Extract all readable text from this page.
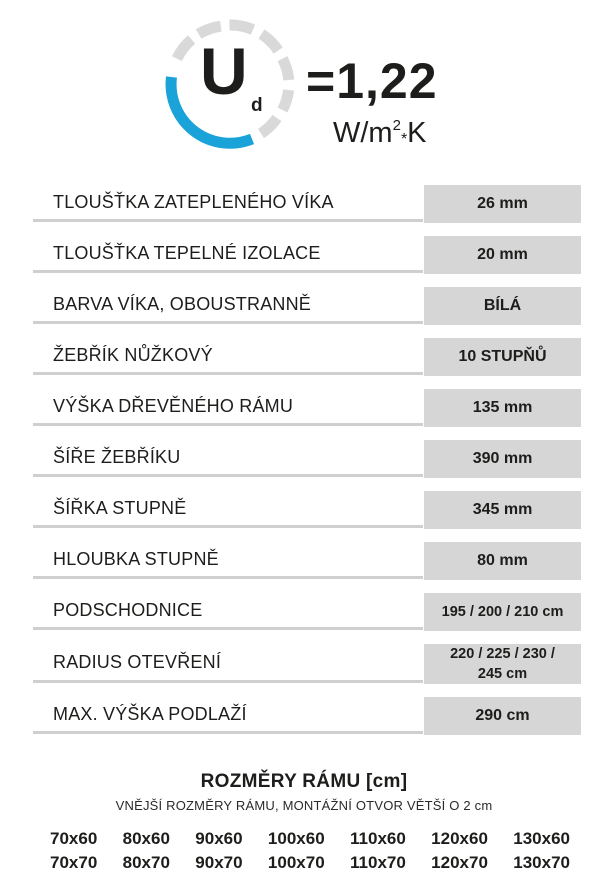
U d =1,22
$W/m^2*K$
TLOUŠŤKA ZATEPLENÉHO VÍKA	26 mm
TLOUŠŤKA TEPELNÉ IZOLACE	20 mm
BARVA VÍKA, OBOUSTRANNĚ	BÍLÁ
ŽEBŘÍK NŮŽKOVÝ	10 STUPŇŮ
VÝŠKA DŘEVĚNÉHO RÁMU	135 mm
ŠÍŘE ŽEBŘÍKU	390 mm
ŠÍŘKA STUPNĚ	345 mm
HLOUBKA STUPNĚ	80 mm
PODSCHODNICE	195 / 200 / 210 cm
RADIUS OTEVŘENÍ	220 / 225 / 230 /
245 cm
MAX. VÝŠKA PODLAŽÍ	290 cm
ROZMĚRY RÁMU [cm]
VNĚJŠÍ ROZMĚRY RÁMU, MONTÁŽNÍ OTVOR VĚTŠÍ O 2 cm
70x60 80x60 90x60 100x60 110x60 120x60 130x60
70x70 80x70 90x70 100x70 110x70 120x70 130x70
